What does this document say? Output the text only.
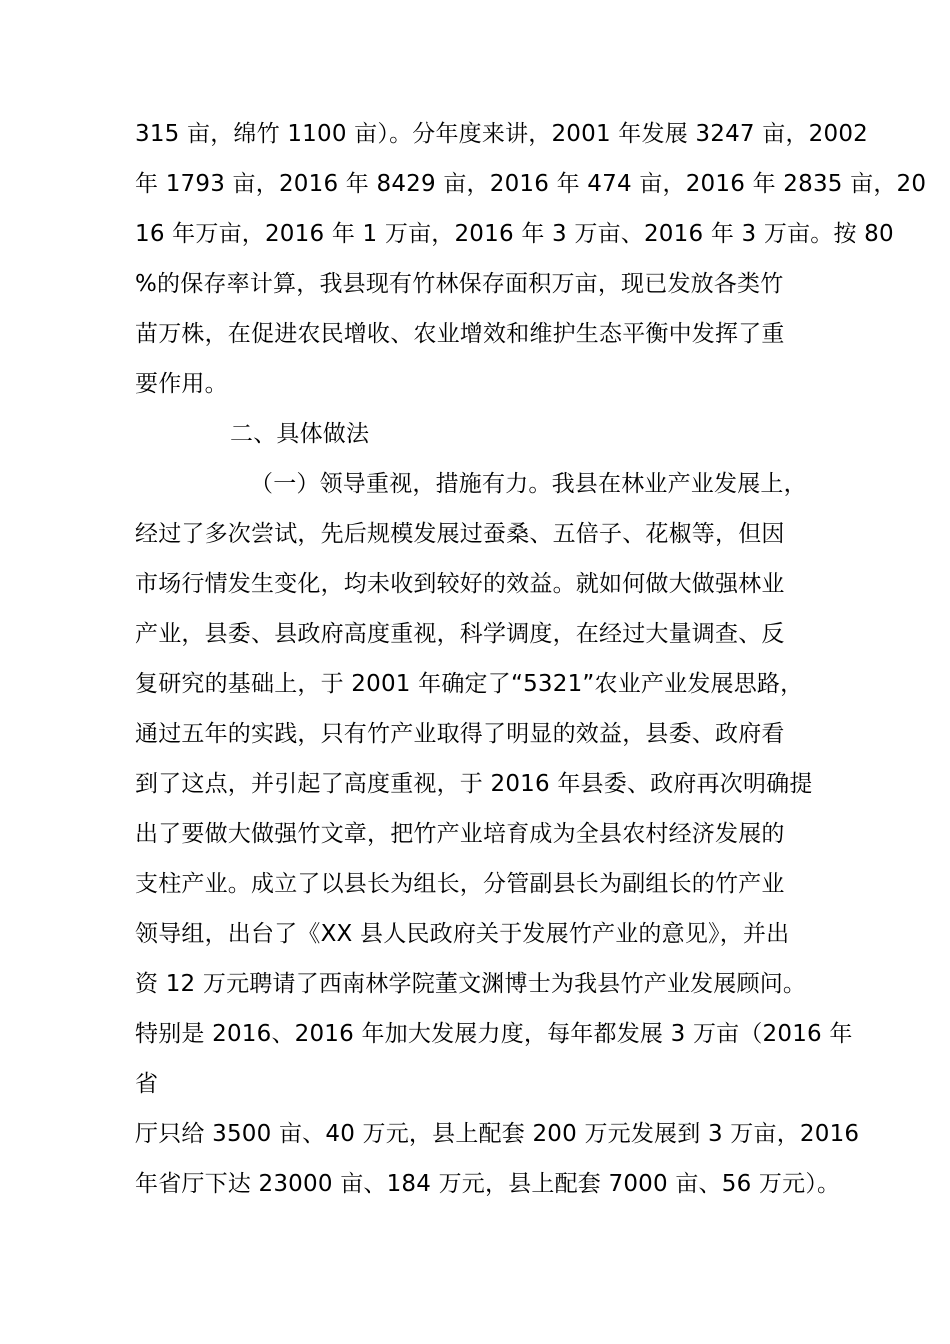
315 亩，绵竹 1100 亩）。分年度来讲，2001 年发展 3247 亩，2002
年 1793 亩，2016 年 8429 亩，2016 年 474 亩，2016 年 2835 亩，20
16 年万亩，2016 年 1 万亩，2016 年 3 万亩、2016 年 3 万亩。按 80
%的保存率计算，我县现有竹林保存面积万亩，现已发放各类竹
苗万株，在促进农民增收、农业增效和维护生态平衡中发挥了重
要作用。
二、具体做法
（一）领导重视，措施有力。我县在林业产业发展上，
经过了多次尝试，先后规模发展过蚕桑、五倍子、花椒等，但因
市场行情发生变化，均未收到较好的效益。就如何做大做强林业
产业，县委、县政府高度重视，科学调度，在经过大量调查、反
复研究的基础上，于 2001 年确定了“5321”农业产业发展思路，
通过五年的实践，只有竹产业取得了明显的效益，县委、政府看
到了这点，并引起了高度重视，于 2016 年县委、政府再次明确提
出了要做大做强竹文章，把竹产业培育成为全县农村经济发展的
支柱产业。成立了以县长为组长，分管副县长为副组长的竹产业
领导组，出台了《XX 县人民政府关于发展竹产业的意见》，并出
资 12 万元聘请了西南林学院董文渊博士为我县竹产业发展顾问。
特别是 2016、2016 年加大发展力度，每年都发展 3 万亩（2016 年
省
厅只给 3500 亩、40 万元，县上配套 200 万元发展到 3 万亩，2016
年省厅下达 23000 亩、184 万元，县上配套 7000 亩、56 万元）。
